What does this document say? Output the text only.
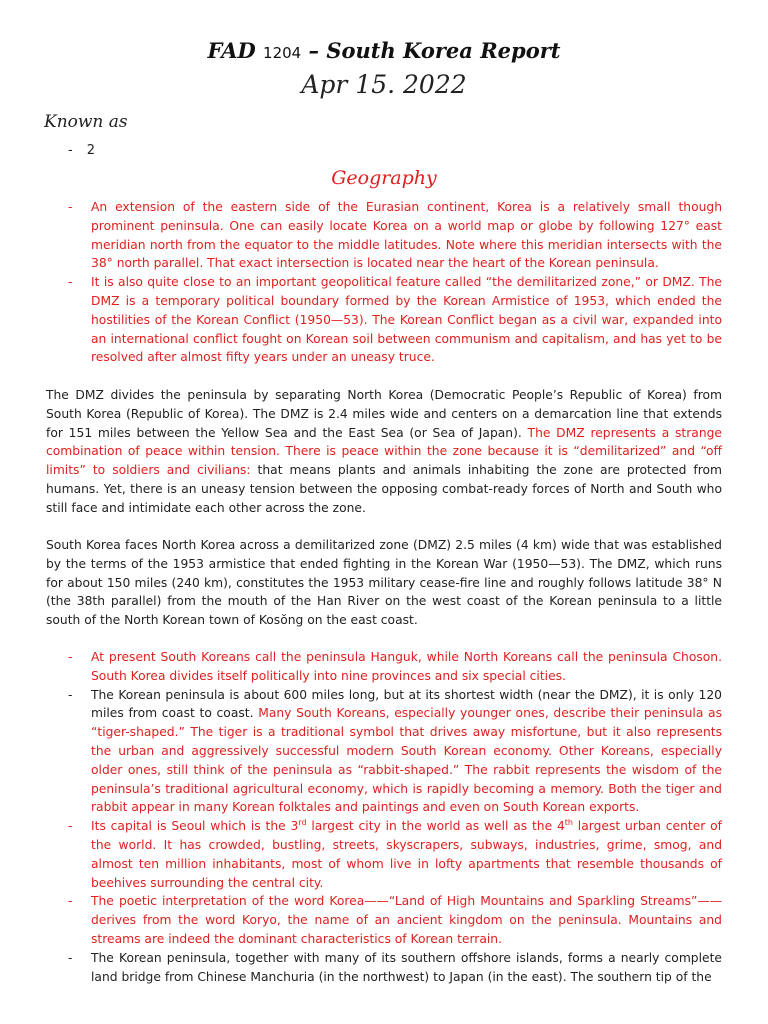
FAD 1204 – South Korea Report
Apr 15. 2022
Known as
- 2
Geography
- An extension of the eastern side of the Eurasian continent, Korea is a relatively small though prominent peninsula. One can easily locate Korea on a world map or globe by following 127° east meridian north from the equator to the middle latitudes. Note where this meridian intersects with the 38° north parallel. That exact intersection is located near the heart of the Korean peninsula.
- It is also quite close to an important geopolitical feature called “the demilitarized zone,” or DMZ. The DMZ is a temporary political boundary formed by the Korean Armistice of 1953, which ended the hostilities of the Korean Conflict (1950—53). The Korean Conflict began as a civil war, expanded into an international conflict fought on Korean soil between communism and capitalism, and has yet to be resolved after almost fifty years under an uneasy truce.
The DMZ divides the peninsula by separating North Korea (Democratic People’s Republic of Korea) from South Korea (Republic of Korea). The DMZ is 2.4 miles wide and centers on a demarcation line that extends for 151 miles between the Yellow Sea and the East Sea (or Sea of Japan). The DMZ represents a strange combination of peace within tension. There is peace within the zone because it is “demilitarized” and “off limits” to soldiers and civilians: that means plants and animals inhabiting the zone are protected from humans. Yet, there is an uneasy tension between the opposing combat-ready forces of North and South who still face and intimidate each other across the zone.
South Korea faces North Korea across a demilitarized zone (DMZ) 2.5 miles (4 km) wide that was established by the terms of the 1953 armistice that ended fighting in the Korean War (1950—53). The DMZ, which runs for about 150 miles (240 km), constitutes the 1953 military cease-fire line and roughly follows latitude 38° N (the 38th parallel) from the mouth of the Han River on the west coast of the Korean peninsula to a little south of the North Korean town of Kosŏng on the east coast.
- At present South Koreans call the peninsula Hanguk, while North Koreans call the peninsula Choson. South Korea divides itself politically into nine provinces and six special cities.
- The Korean peninsula is about 600 miles long, but at its shortest width (near the DMZ), it is only 120 miles from coast to coast. Many South Koreans, especially younger ones, describe their peninsula as “tiger-shaped.” The tiger is a traditional symbol that drives away misfortune, but it also represents the urban and aggressively successful modern South Korean economy. Other Koreans, especially older ones, still think of the peninsula as “rabbit-shaped.” The rabbit represents the wisdom of the peninsula’s traditional agricultural economy, which is rapidly becoming a memory. Both the tiger and rabbit appear in many Korean folktales and paintings and even on South Korean exports.
- Its capital is Seoul which is the 3rd largest city in the world as well as the 4th largest urban center of the world. It has crowded, bustling, streets, skyscrapers, subways, industries, grime, smog, and almost ten million inhabitants, most of whom live in lofty apartments that resemble thousands of beehives surrounding the central city.
- The poetic interpretation of the word Korea——“Land of High Mountains and Sparkling Streams”—— derives from the word Koryo, the name of an ancient kingdom on the peninsula. Mountains and streams are indeed the dominant characteristics of Korean terrain.
- The Korean peninsula, together with many of its southern offshore islands, forms a nearly complete land bridge from Chinese Manchuria (in the northwest) to Japan (in the east). The southern tip of the
